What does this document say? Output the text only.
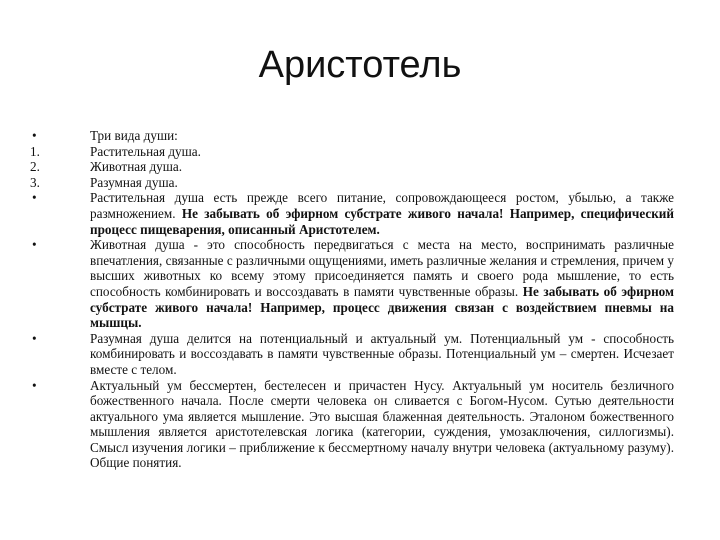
Аристотель
•	Три вида души:
1.	Растительная душа.
2.	Животная душа.
3.	Разумная душа.
•	Растительная душа есть прежде всего питание, сопровождающееся ростом, убылью, а также размножением. Не забывать об эфирном субстрате живого начала! Например, специфический процесс пищеварения, описанный Аристотелем.
•	Животная душа - это способность передвигаться с места на место, воспринимать различные впечатления, связанные с различными ощущениями, иметь различные желания и стремления, причем у высших животных ко всему этому присоединяется память и своего рода мышление, то есть способность комбинировать и воссоздавать в памяти чувственные образы. Не забывать об эфирном субстрате живого начала! Например, процесс движения связан с воздействием пневмы на мышцы.
•	Разумная душа делится на потенциальный и актуальный ум. Потенциальный ум - способность комбинировать и воссоздавать в памяти чувственные образы. Потенциальный ум – смертен. Исчезает вместе с телом.
•	Актуальный ум бессмертен, бестелесен и причастен Нусу. Актуальный ум носитель безличного божественного начала. После смерти человека он сливается с Богом-Нусом. Сутью деятельности актуального ума является мышление. Это высшая блаженная деятельность. Эталоном божественного мышления является аристотелевская логика (категории, суждения, умозаключения, силлогизмы). Смысл изучения логики – приближение к бессмертному началу внутри человека (актуальному разуму). Общие понятия.
